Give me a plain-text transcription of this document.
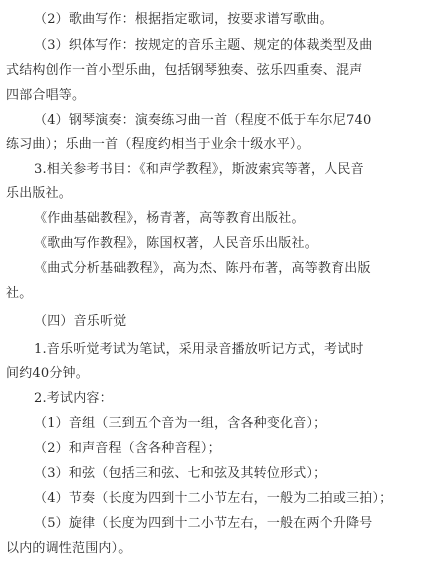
（2）歌曲写作：根据指定歌词，按要求谱写歌曲。
（3）织体写作：按规定的音乐主题、规定的体裁类型及曲
式结构创作一首小型乐曲，包括钢琴独奏、弦乐四重奏、混声
四部合唱等。
（4）钢琴演奏：演奏练习曲一首（程度不低于车尔尼740
练习曲）；乐曲一首（程度约相当于业余十级水平）。
3.相关参考书目：《和声学教程》，斯波索宾等著，人民音
乐出版社。
《作曲基础教程》，杨青著，高等教育出版社。
《歌曲写作教程》，陈国权著，人民音乐出版社。
《曲式分析基础教程》，高为杰、陈丹布著，高等教育出版
社。
（四）音乐听觉
1.音乐听觉考试为笔试，采用录音播放听记方式，考试时
间约40分钟。
2.考试内容：
（1）音组（三到五个音为一组，含各种变化音）；
（2）和声音程（含各种音程）；
（3）和弦（包括三和弦、七和弦及其转位形式）；
（4）节奏（长度为四到十二小节左右，一般为二拍或三拍）；
（5）旋律（长度为四到十二小节左右，一般在两个升降号
以内的调性范围内）。
